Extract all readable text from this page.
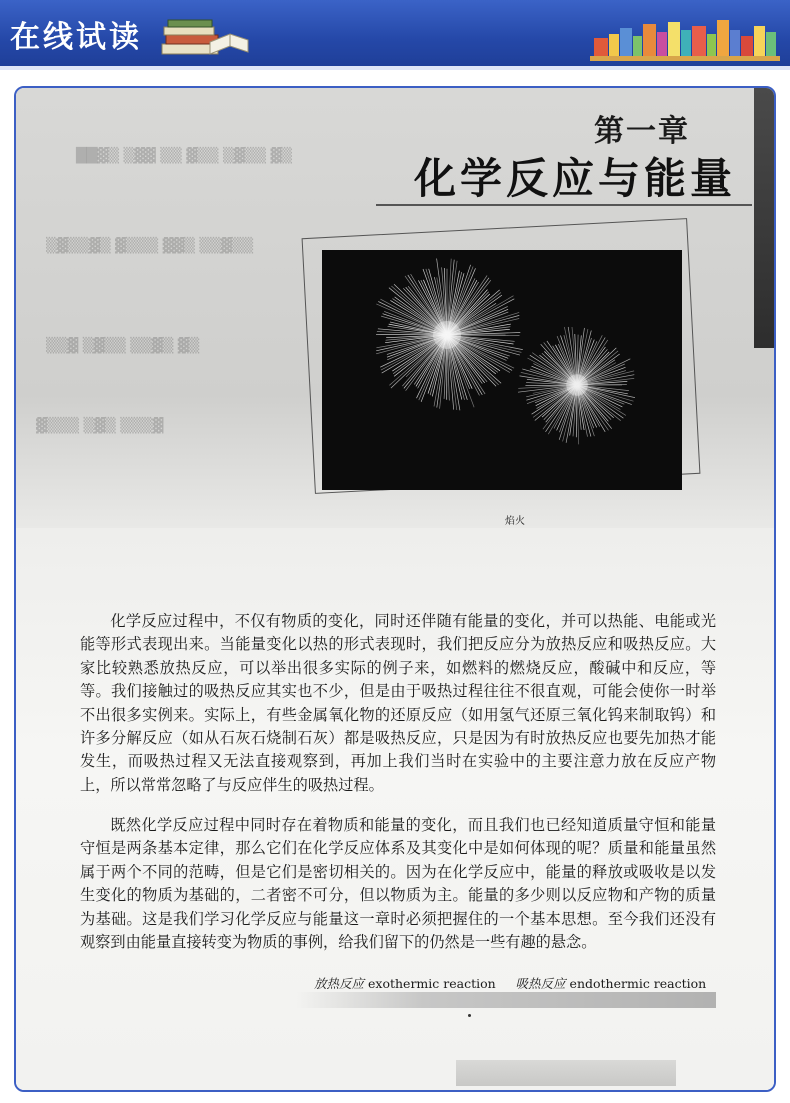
在线试读
██▓▒ ▒▓▓ ▒▒ ▓▒▒ ▒▓▒▒ ▓▒
▒▓▒▒▓▒ ▓▒▒▒ ▓▓▒ ▒▒▓▒▒
▒▒▓ ▒▓▒▒ ▒▒▓▒ ▓▒
▓▒▒▒ ▒▓▒ ▒▒▒▓
第一章
化学反应与能量
焰火

化学反应过程中，不仅有物质的变化，同时还伴随有能量的变化，并可以热能、电能或光能等形式表现出来。当能量变化以热的形式表现时，我们把反应分为放热反应和吸热反应。大家比较熟悉放热反应，可以举出很多实际的例子来，如燃料的燃烧反应，酸碱中和反应，等等。我们接触过的吸热反应其实也不少，但是由于吸热过程往往不很直观，可能会使你一时举不出很多实例来。实际上，有些金属氧化物的还原反应（如用氢气还原三氧化钨来制取钨）和许多分解反应（如从石灰石烧制石灰）都是吸热反应，只是因为有时放热反应也要先加热才能发生，而吸热过程又无法直接观察到，再加上我们当时在实验中的主要注意力放在反应产物上，所以常常忽略了与反应伴生的吸热过程。

既然化学反应过程中同时存在着物质和能量的变化，而且我们也已经知道质量守恒和能量守恒是两条基本定律，那么它们在化学反应体系及其变化中是如何体现的呢？质量和能量虽然属于两个不同的范畴，但是它们是密切相关的。因为在化学反应中，能量的释放或吸收是以发生变化的物质为基础的，二者密不可分，但以物质为主。能量的多少则以反应物和产物的质量为基础。这是我们学习化学反应与能量这一章时必须把握住的一个基本思想。至今我们还没有观察到由能量直接转变为物质的事例，给我们留下的仍然是一些有趣的悬念。

放热反应 exothermic reaction 吸热反应 endothermic reaction
